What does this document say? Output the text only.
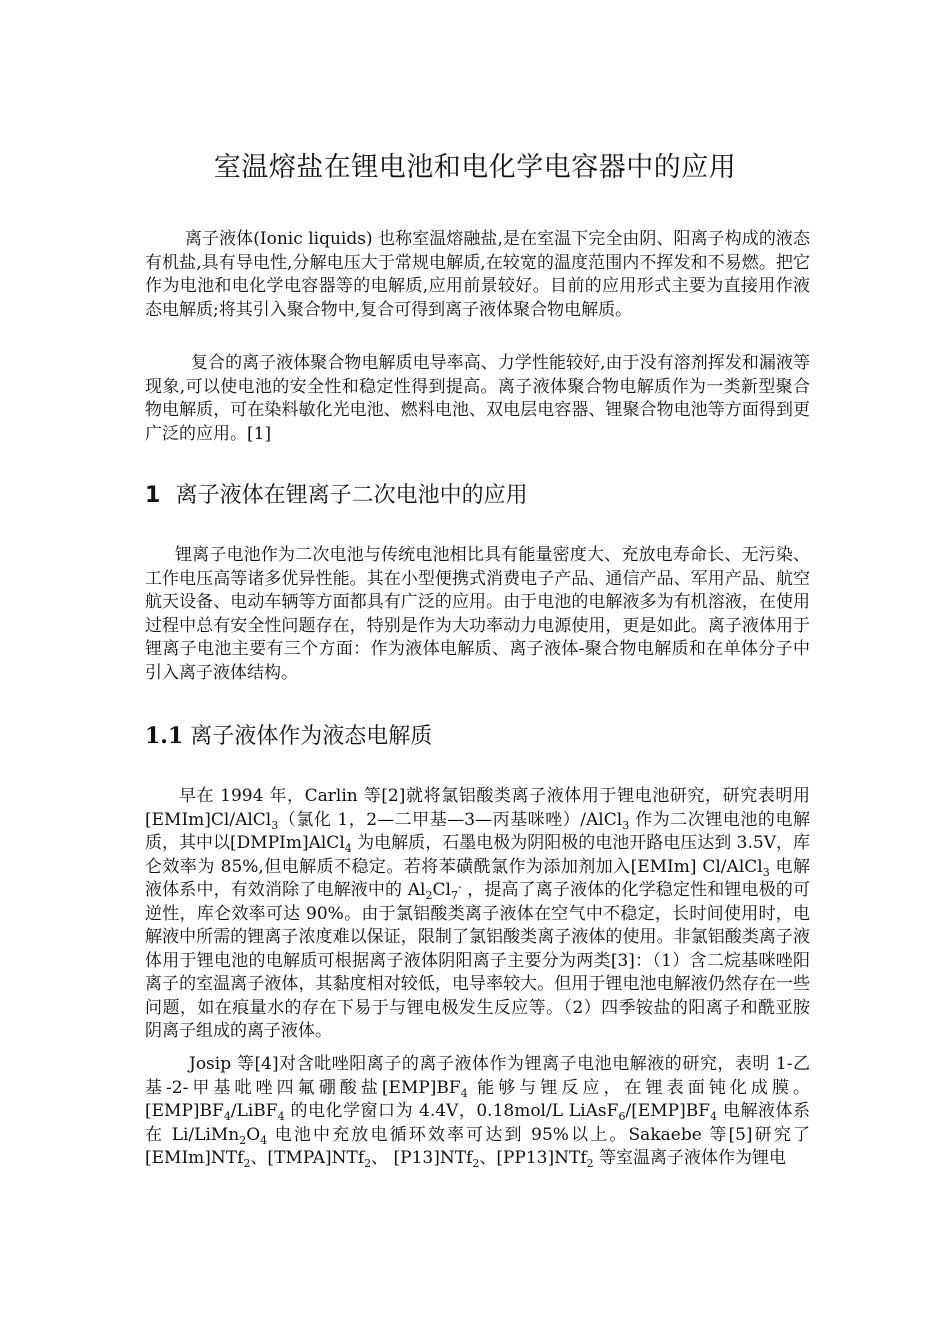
室温熔盐在锂电池和电化学电容器中的应用

离子液体(Ionic liquids) 也称室温熔融盐,是在室温下完全由阴、阳离子构成的液态有机盐,具有导电性,分解电压大于常规电解质,在较宽的温度范围内不挥发和不易燃。把它作为电池和电化学电容器等的电解质,应用前景较好。目前的应用形式主要为直接用作液态电解质;将其引入聚合物中,复合可得到离子液体聚合物电解质。

复合的离子液体聚合物电解质电导率高、力学性能较好,由于没有溶剂挥发和漏液等现象,可以使电池的安全性和稳定性得到提高。离子液体聚合物电解质作为一类新型聚合物电解质，可在染料敏化光电池、燃料电池、双电层电容器、锂聚合物电池等方面得到更广泛的应用。[1]

1 离子液体在锂离子二次电池中的应用

锂离子电池作为二次电池与传统电池相比具有能量密度大、充放电寿命长、无污染、工作电压高等诸多优异性能。其在小型便携式消费电子产品、通信产品、军用产品、航空航天设备、电动车辆等方面都具有广泛的应用。由于电池的电解液多为有机溶液，在使用过程中总有安全性问题存在，特别是作为大功率动力电源使用，更是如此。离子液体用于锂离子电池主要有三个方面：作为液体电解质、离子液体-聚合物电解质和在单体分子中引入离子液体结构。

1.1 离子液体作为液态电解质

早在 1994 年，Carlin 等[2]就将氯铝酸类离子液体用于锂电池研究，研究表明用[EMIm]Cl/AlCl$_3$（氯化 1，2—二甲基—3—丙基咪唑）/AlCl$_3$ 作为二次锂电池的电解质，其中以[DMPIm]AlCl$_4$ 为电解质，石墨电极为阴阳极的电池开路电压达到 3.5V，库仑效率为 85%,但电解质不稳定。若将苯磺酰氯作为添加剂加入[EMIm] Cl/AlCl$_3$ 电解液体系中，有效消除了电解液中的 $Al_2Cl_7^-$ ，提高了离子液体的化学稳定性和锂电极的可逆性，库仑效率可达 90%。由于氯铝酸类离子液体在空气中不稳定，长时间使用时，电解液中所需的锂离子浓度难以保证，限制了氯铝酸类离子液体的使用。非氯铝酸类离子液体用于锂电池的电解质可根据离子液体阴阳离子主要分为两类[3]：（1）含二烷基咪唑阳离子的室温离子液体，其黏度相对较低，电导率较大。但用于锂电池电解液仍然存在一些问题，如在痕量水的存在下易于与锂电极发生反应等。（2）四季铵盐的阳离子和酰亚胺阴离子组成的离子液体。

Josip 等[4]对含吡唑阳离子的离子液体作为锂离子电池电解液的研究，表明 1-乙基-2-甲基吡唑四氟硼酸盐$[EMP]BF_4$ 能够与锂反应，在锂表面钝化成膜。$[EMP]BF_4/LiBF_4$ 的电化学窗口为 4.4V，0.18mol/L $LiAsF_6/[EMP]BF_4$ 电解液体系在 $Li/LiMn_2O_4$ 电池中充放电循环效率可达到 95%以上。Sakaebe 等[5]研究了[EMIm]NTf$_2$、[TMPA]NTf$_2$、 [P13]NTf$_2$、[PP13]NTf$_2$ 等室温离子液体作为锂电
